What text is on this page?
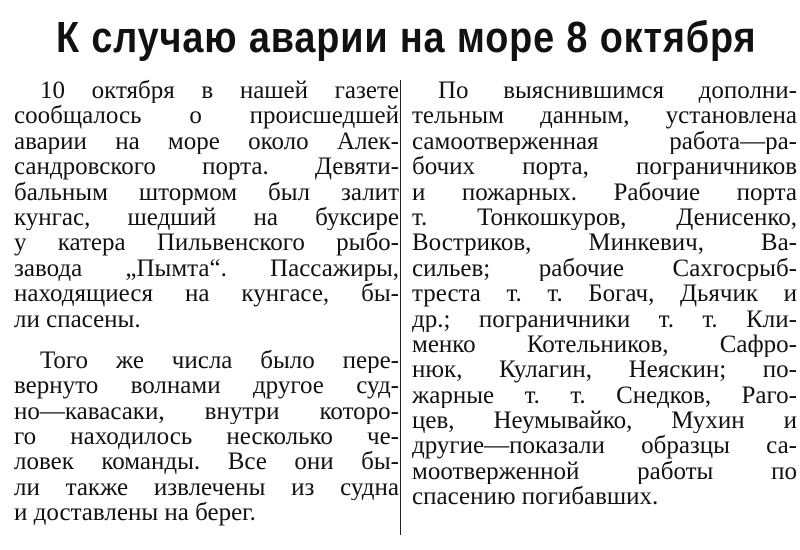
К случаю аварии на море 8 октября
10 октября в нашей газете
сообщалось о происшедшей
аварии на море около Алек-
сандровского порта. Девяти-
бальным штормом был залит
кунгас, шедший на буксире
у катера Пильвенского рыбо-
завода „Пымта“. Пассажиры,
находящиеся на кунгасе, бы-
ли спасены.
Того же числа было пере-
вернуто волнами другое суд-
но—кавасаки, внутри которо-
го находилось несколько че-
ловек команды. Все они бы-
ли также извлечены из судна
и доставлены на берег.
По выяснившимся дополни-
тельным данным, установлена
самоотверженная работа—ра-
бочих порта, пограничников
и пожарных. Рабочие порта
т. Тонкошкуров, Денисенко,
Востриков, Минкевич, Ва-
сильев; рабочие Сахгосрыб-
треста т. т. Богач, Дьячик и
др.; пограничники т. т. Кли-
менко Котельников, Сафро-
нюк, Кулагин, Неяскин; по-
жарные т. т. Снедков, Раго-
цев, Неумывайко, Мухин и
другие—показали образцы са-
моотверженной работы по
спасению погибавших.
